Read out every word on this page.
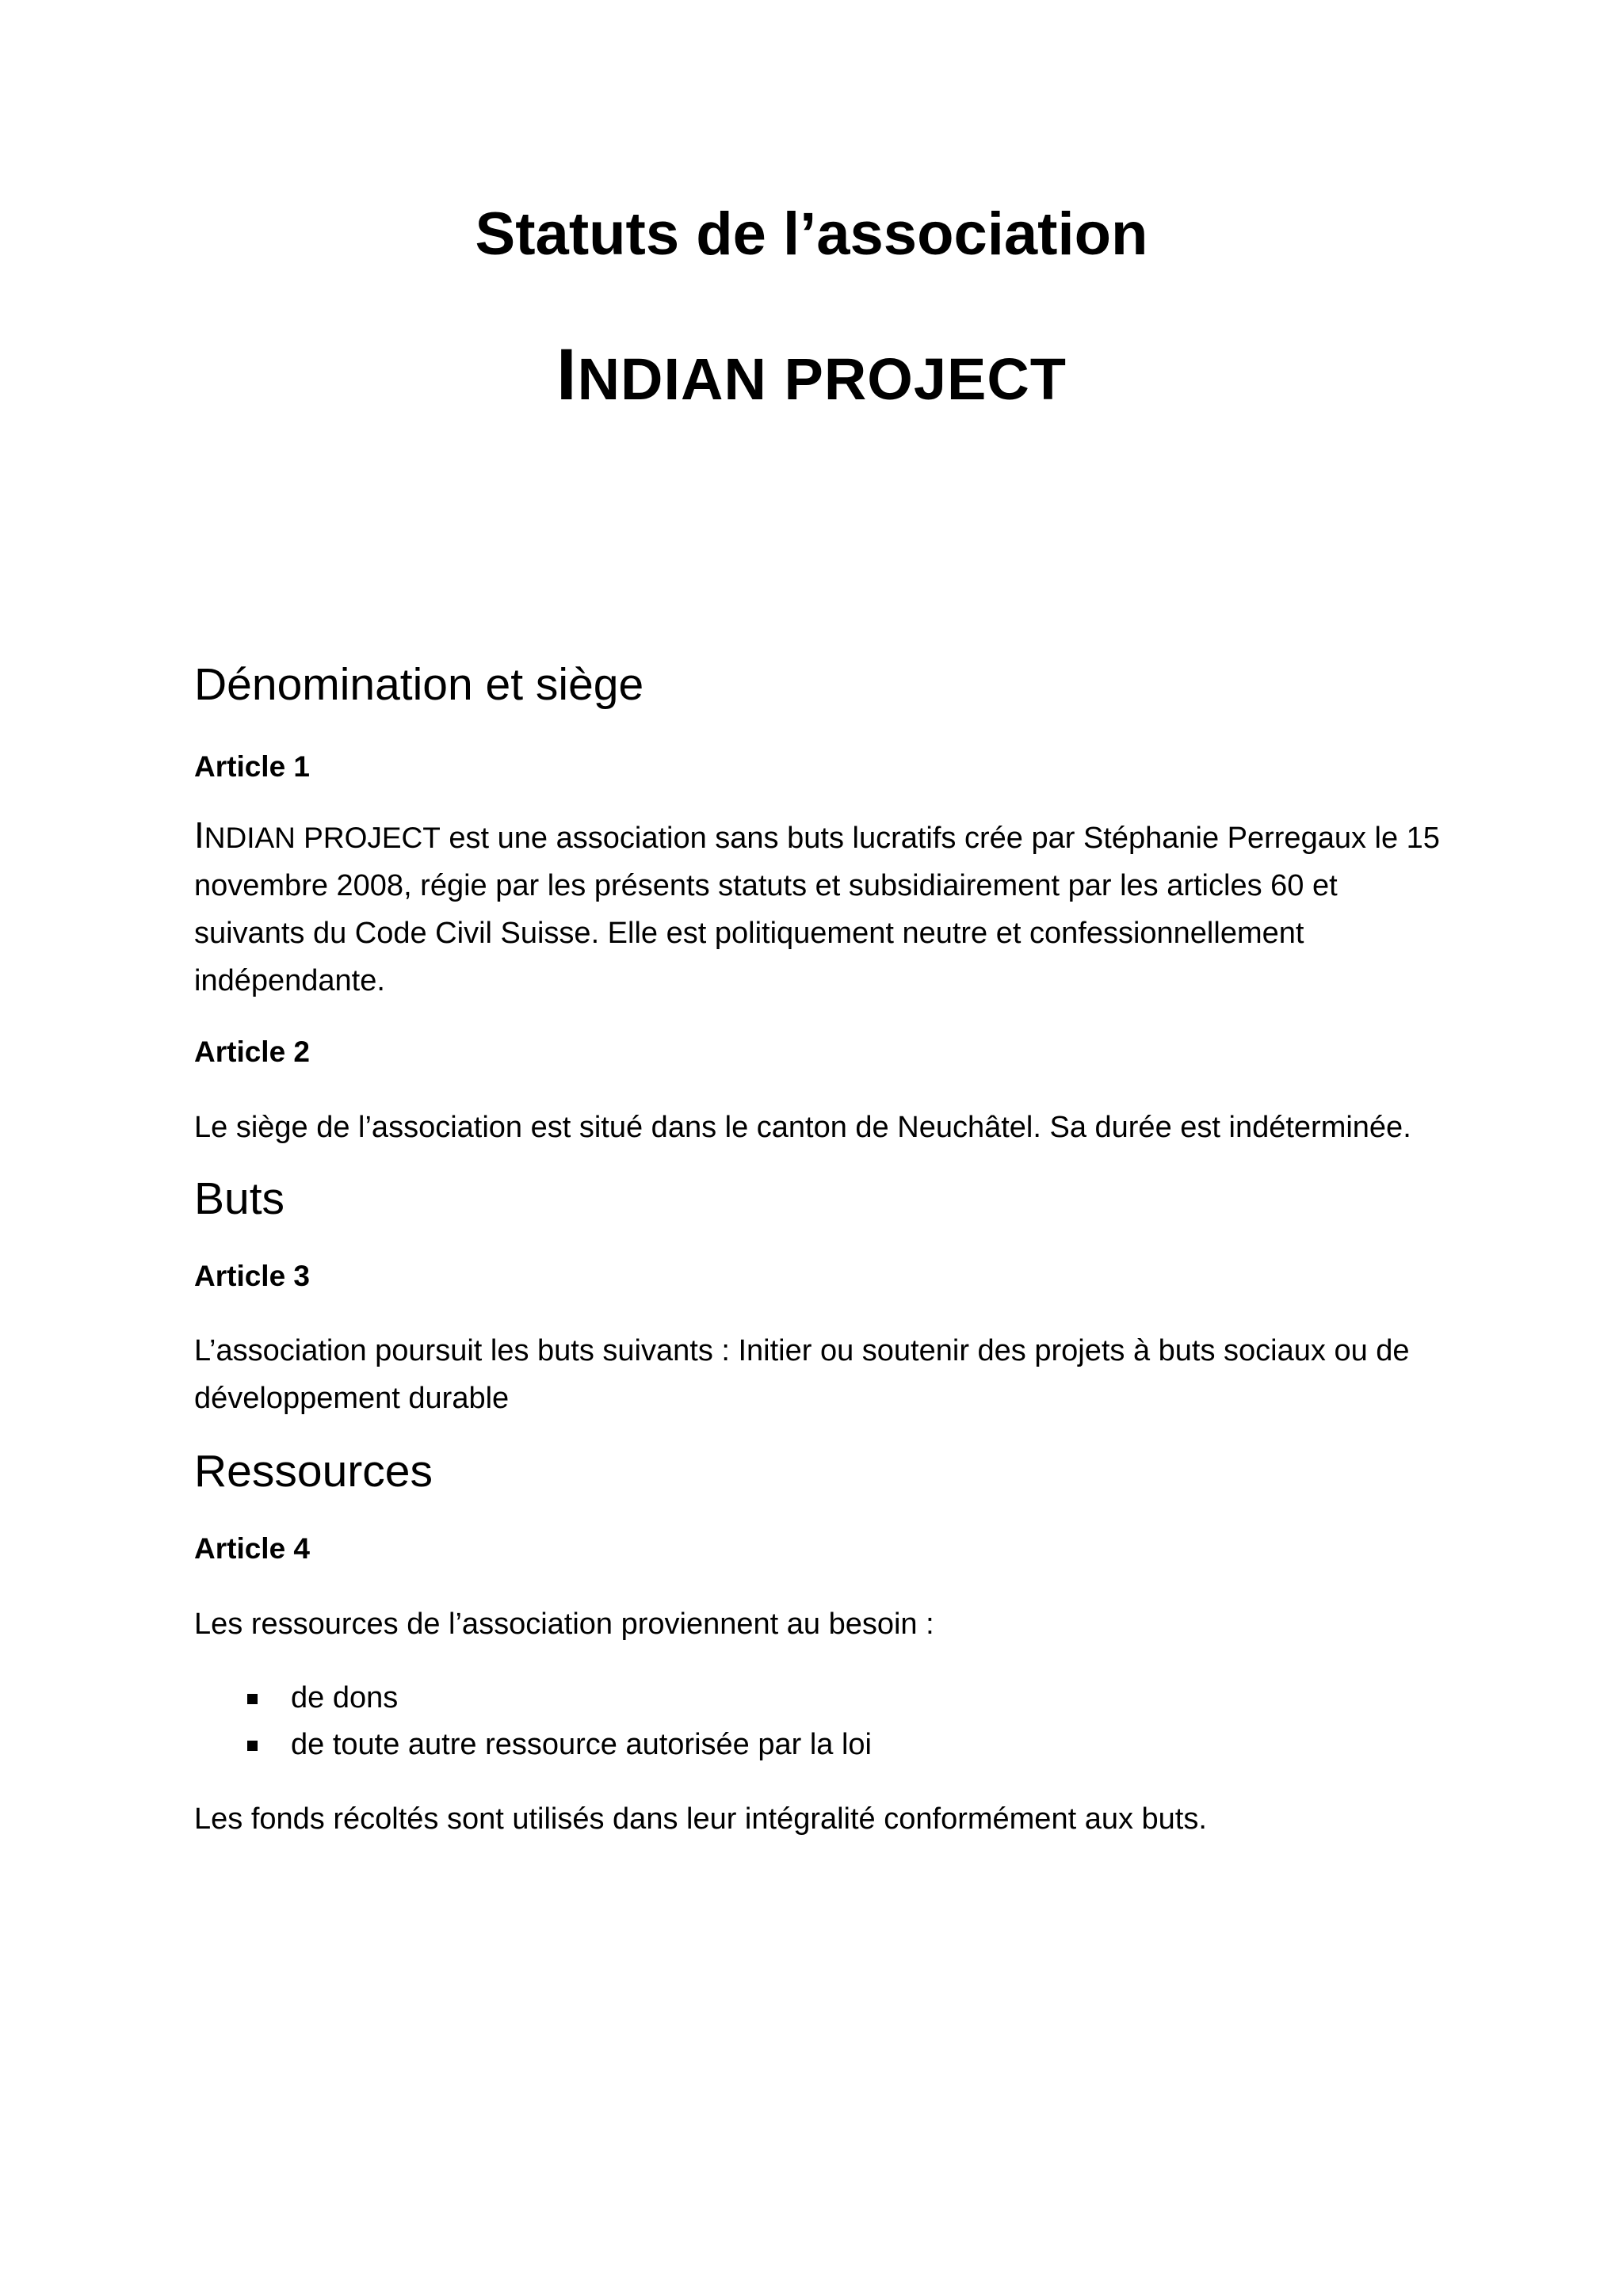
Statuts de l’association
INDIAN PROJECT
Dénomination et siège
Article 1

INDIAN PROJECT est une association sans buts lucratifs crée par Stéphanie Perregaux le 15 novembre 2008, régie par les présents statuts et subsidiairement par les articles 60 et suivants du Code Civil Suisse. Elle est politiquement neutre et confessionnellement indépendante.

Article 2

Le siège de l’association est situé dans le canton de Neuchâtel. Sa durée est indéterminée.

Buts
Article 3

L’association poursuit les buts suivants : Initier ou soutenir des projets à buts sociaux ou de développement durable

Ressources
Article 4

Les ressources de l’association proviennent au besoin :

de dons
de toute autre ressource autorisée par la loi

Les fonds récoltés sont utilisés dans leur intégralité conformément aux buts.
